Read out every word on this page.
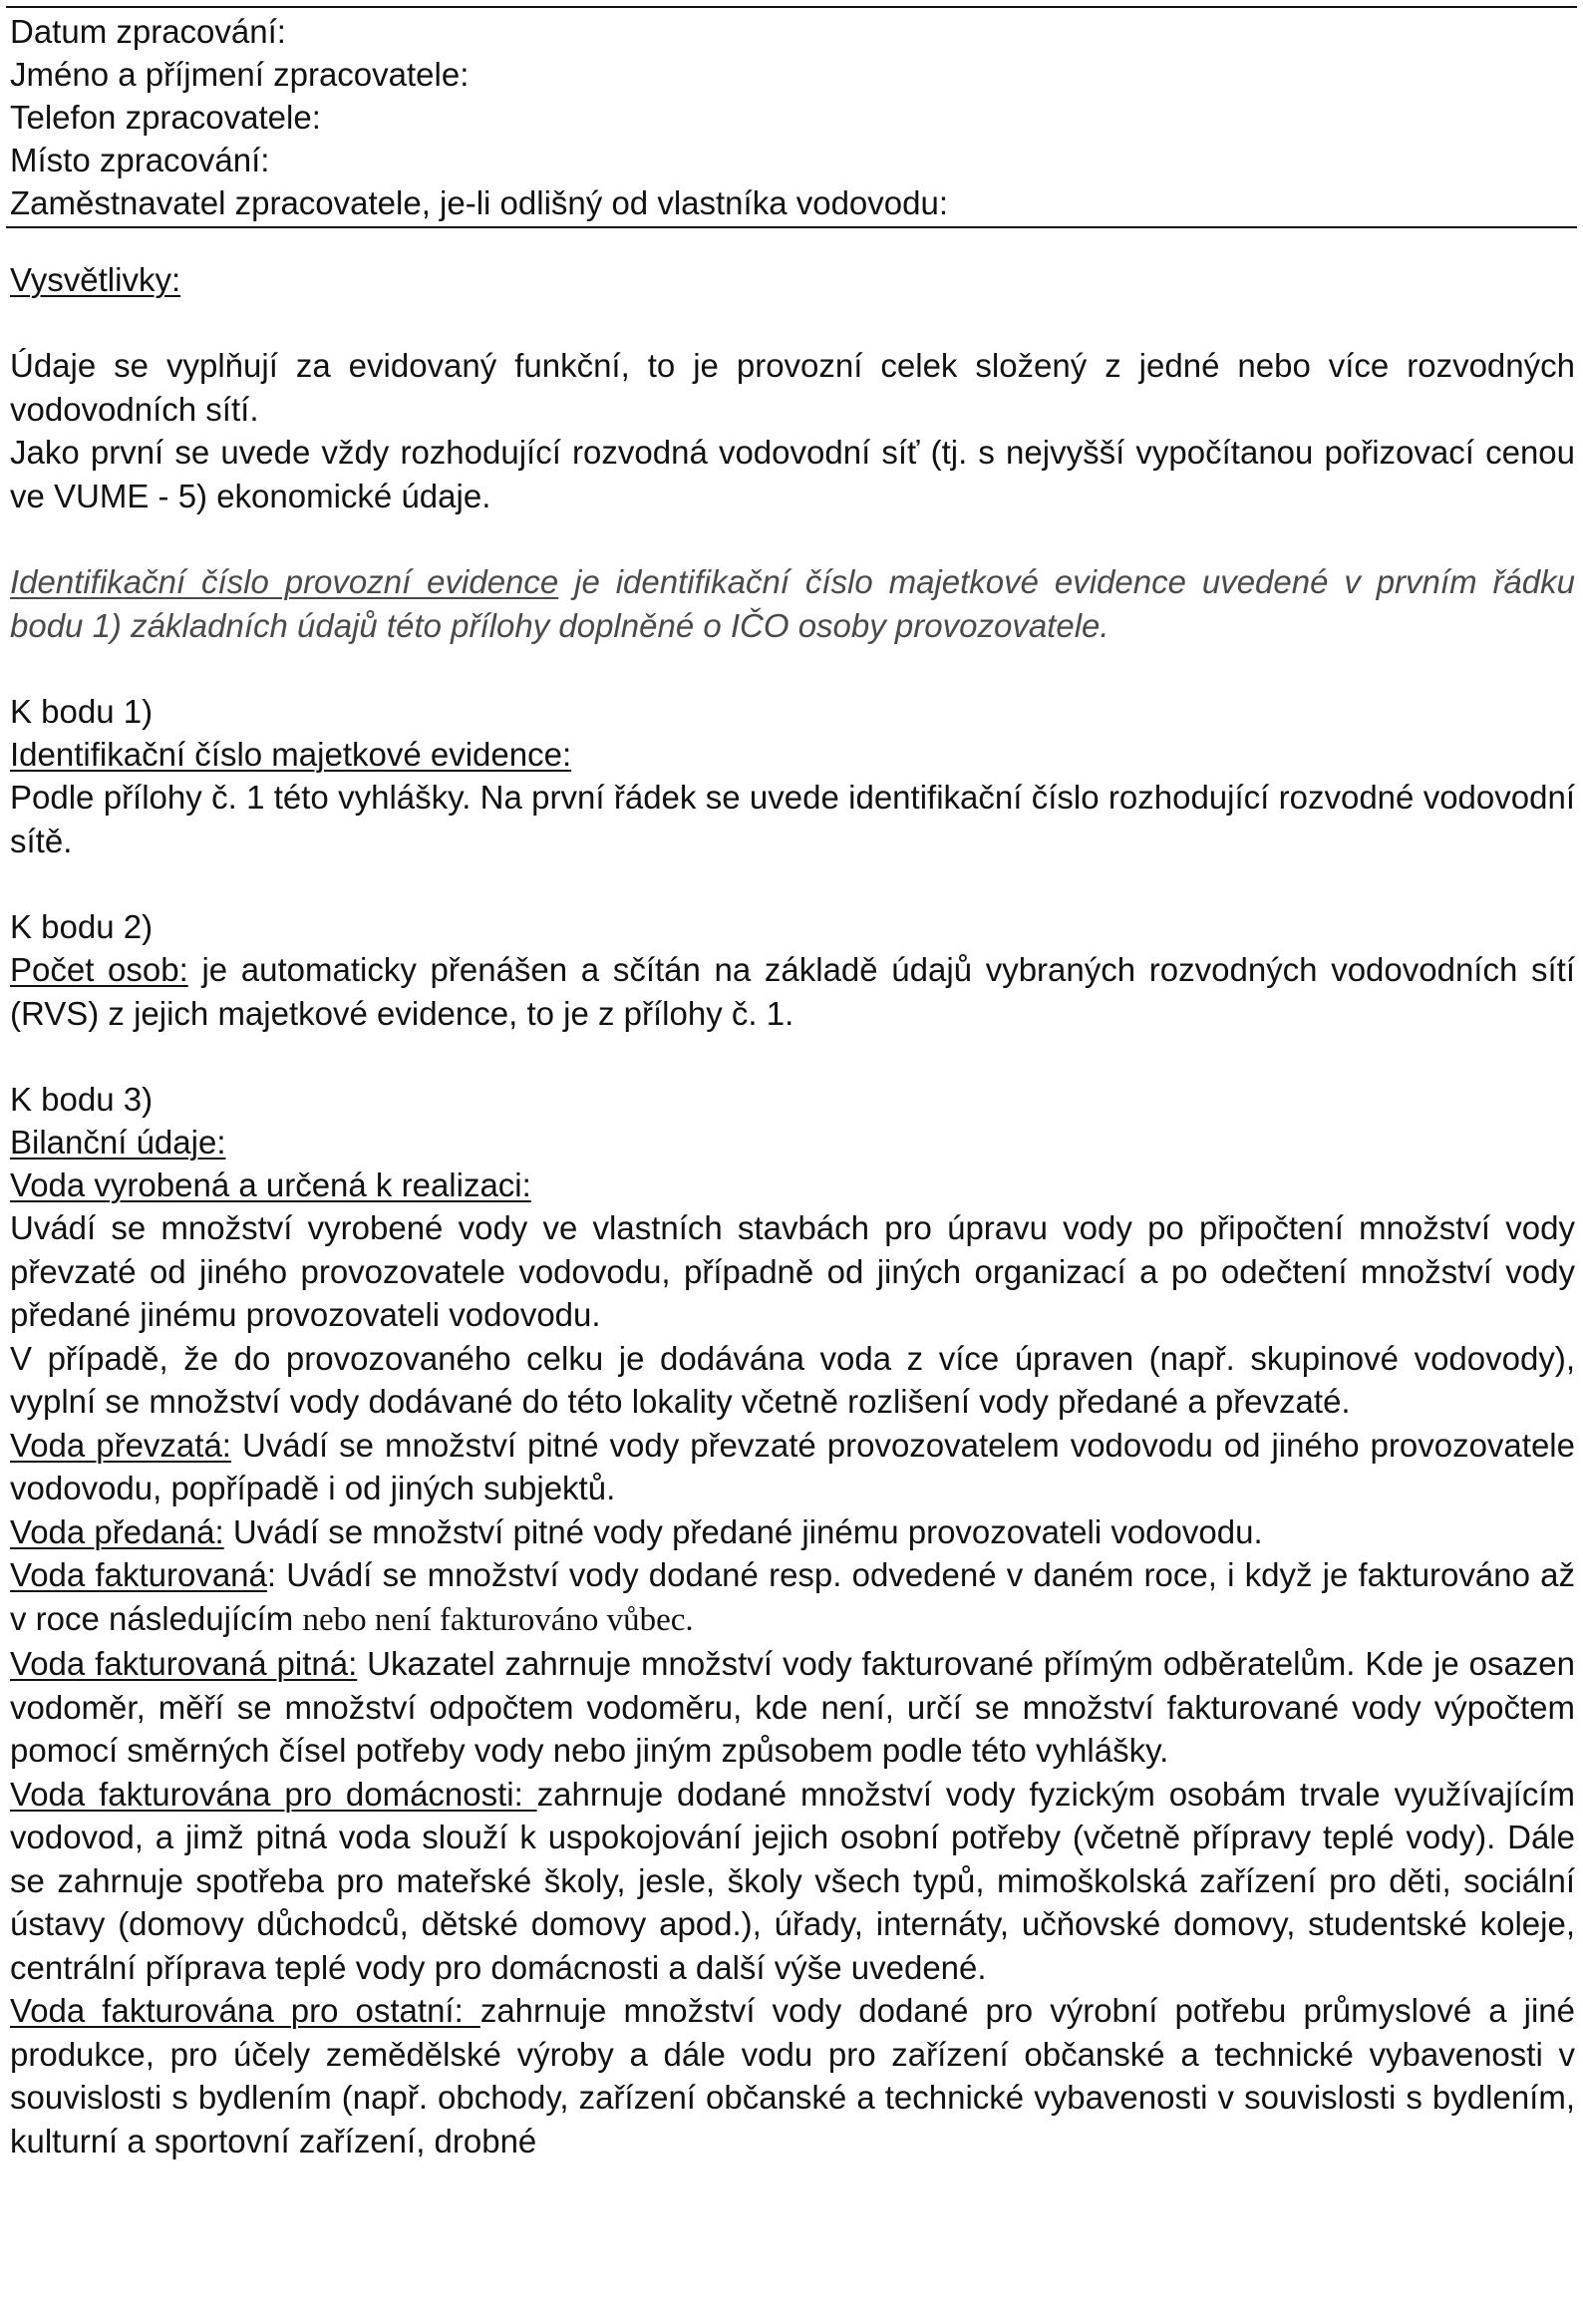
Datum zpracování:
Jméno a příjmení zpracovatele:
Telefon zpracovatele:
Místo zpracování:
Zaměstnavatel zpracovatele, je-li odlišný od vlastníka vodovodu:
Vysvětlivky:

Údaje se vyplňují za evidovaný funkční, to je provozní celek složený z jedné nebo více rozvodných vodovodních sítí.

Jako první se uvede vždy rozhodující rozvodná vodovodní síť (tj. s nejvyšší vypočítanou pořizovací cenou ve VUME - 5) ekonomické údaje.

Identifikační číslo provozní evidence je identifikační číslo majetkové evidence uvedené v prvním řádku bodu 1) základních údajů této přílohy doplněné o IČO osoby provozovatele.

K bodu 1)
Identifikační číslo majetkové evidence:

Podle přílohy č. 1 této vyhlášky. Na první řádek se uvede identifikační číslo rozhodující rozvodné vodovodní sítě.

K bodu 2)

Počet osob: je automaticky přenášen a sčítán na základě údajů vybraných rozvodných vodovodních sítí (RVS) z jejich majetkové evidence, to je z přílohy č. 1.

K bodu 3)
Bilanční údaje:
Voda vyrobená a určená k realizaci:

Uvádí se množství vyrobené vody ve vlastních stavbách pro úpravu vody po připočtení množství vody převzaté od jiného provozovatele vodovodu, případně od jiných organizací a po odečtení množství vody předané jinému provozovateli vodovodu.

V případě, že do provozovaného celku je dodávána voda z více úpraven (např. skupinové vodovody), vyplní se množství vody dodávané do této lokality včetně rozlišení vody předané a převzaté.

Voda převzatá: Uvádí se množství pitné vody převzaté provozovatelem vodovodu od jiného provozovatele vodovodu, popřípadě i od jiných subjektů.

Voda předaná: Uvádí se množství pitné vody předané jinému provozovateli vodovodu.

Voda fakturovaná: Uvádí se množství vody dodané resp. odvedené v daném roce, i když je fakturováno až v roce následujícím nebo není fakturováno vůbec.

Voda fakturovaná pitná: Ukazatel zahrnuje množství vody fakturované přímým odběratelům. Kde je osazen vodoměr, měří se množství odpočtem vodoměru, kde není, určí se množství fakturované vody výpočtem pomocí směrných čísel potřeby vody nebo jiným způsobem podle této vyhlášky.

Voda fakturována pro domácnosti: zahrnuje dodané množství vody fyzickým osobám trvale využívajícím vodovod, a jimž pitná voda slouží k uspokojování jejich osobní potřeby (včetně přípravy teplé vody). Dále se zahrnuje spotřeba pro mateřské školy, jesle, školy všech typů, mimoškolská zařízení pro děti, sociální ústavy (domovy důchodců, dětské domovy apod.), úřady, internáty, učňovské domovy, studentské koleje, centrální příprava teplé vody pro domácnosti a další výše uvedené.

Voda fakturována pro ostatní: zahrnuje množství vody dodané pro výrobní potřebu průmyslové a jiné produkce, pro účely zemědělské výroby a dále vodu pro zařízení občanské a technické vybavenosti v souvislosti s bydlením (např. obchody, zařízení občanské a technické vybavenosti v souvislosti s bydlením, kulturní a sportovní zařízení, drobné
